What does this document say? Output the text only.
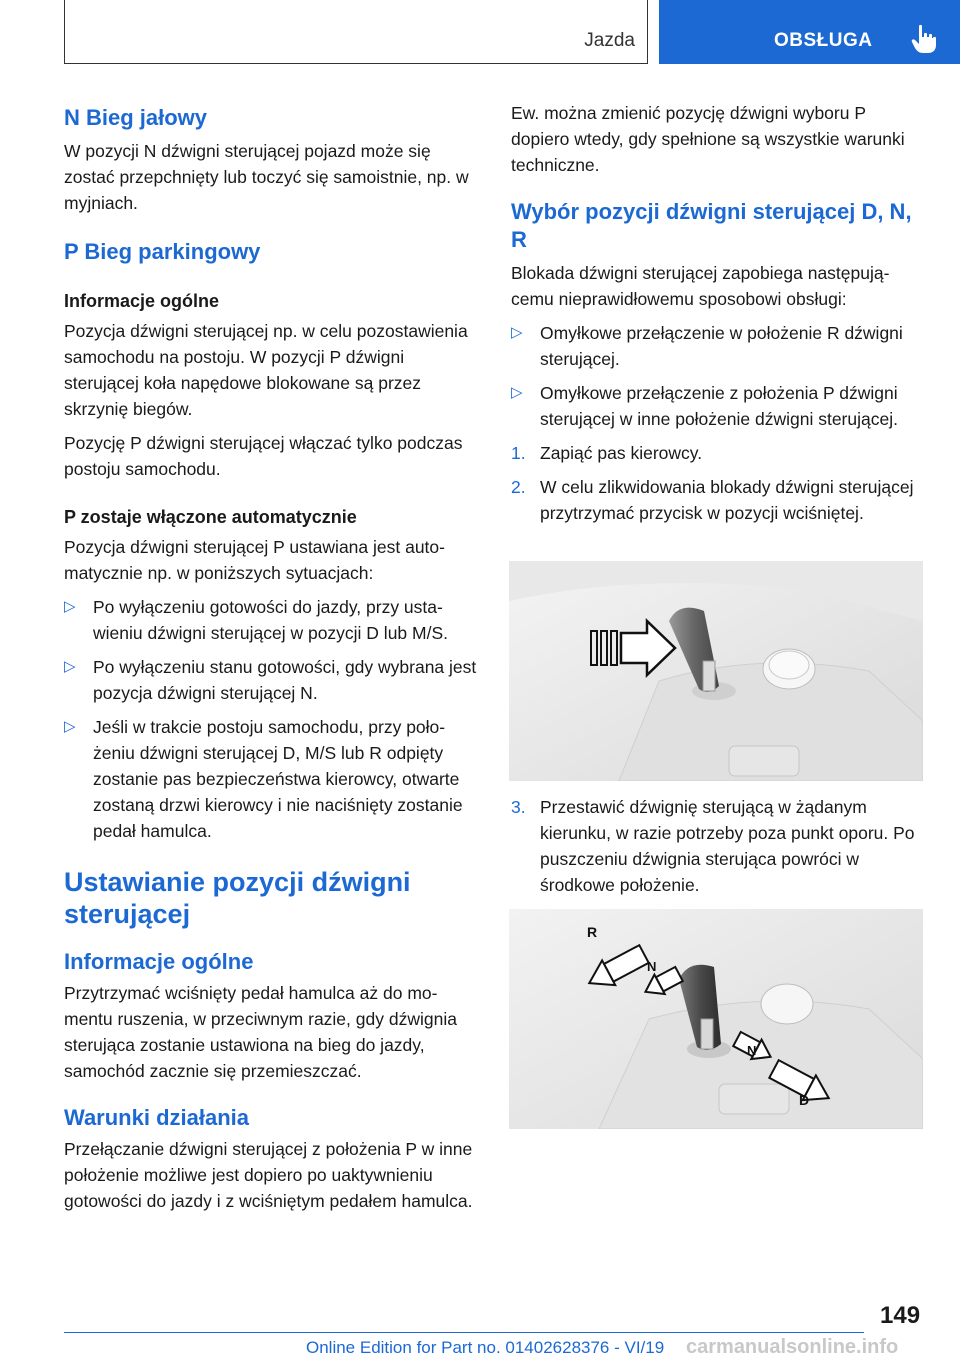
Jazda	OBSŁUGA
N Bieg jałowy

W pozycji N dźwigni sterującej pojazd może się zostać przepchnięty lub toczyć się samoistnie, np. w myjniach.

P Bieg parkingowy
Informacje ogólne

Pozycja dźwigni sterującej np. w celu pozostawienia samochodu na postoju. W pozycji P dźwigni sterującej koła napędowe blokowane są przez skrzynię biegów.

Pozycję P dźwigni sterującej włączać tylko podczas postoju samochodu.

P zostaje włączone automatycznie

Pozycja dźwigni sterującej P ustawiana jest automatycznie np. w poniższych sytuacjach:

▷ Po wyłączeniu gotowości do jazdy, przy ustawieniu dźwigni sterującej w pozycji D lub M/S.
▷ Po wyłączeniu stanu gotowości, gdy wybrana jest pozycja dźwigni sterującej N.
▷ Jeśli w trakcie postoju samochodu, przy położeniu dźwigni sterującej D, M/S lub R odpięty zostanie pas bezpieczeństwa kierowcy, otwarte zostaną drzwi kierowcy i nie naciśnięty zostanie pedał hamulca.
Ustawianie pozycji dźwigni sterującej
Informacje ogólne

Przytrzymać wciśnięty pedał hamulca aż do momentu ruszenia, w przeciwnym razie, gdy dźwignia sterująca zostanie ustawiona na bieg do jazdy, samochód zacznie się przemieszczać.

Warunki działania

Przełączanie dźwigni sterującej z położenia P w inne położenie możliwe jest dopiero po uaktywnieniu gotowości do jazdy i z wciśniętym pedałem hamulca.

Ew. można zmienić pozycję dźwigni wyboru P dopiero wtedy, gdy spełnione są wszystkie warunki techniczne.

Wybór pozycji dźwigni sterującej D, N, R

Blokada dźwigni sterującej zapobiega następującemu nieprawidłowemu sposobowi obsługi:

▷ Omyłkowe przełączenie w położenie R dźwigni sterującej.
▷ Omyłkowe przełączenie z położenia P dźwigni sterującej w inne położenie dźwigni sterującej.
1. Zapiąć pas kierowcy.
2. W celu zlikwidowania blokady dźwigni sterującej przytrzymać przycisk w pozycji wciśniętej.
3. Przestawić dźwignię sterującą w żądanym kierunku, w razie potrzeby poza punkt oporu. Po puszczeniu dźwignia sterująca powróci w środkowe położenie.
R
N
N
D
149
Online Edition for Part no. 01402628376 - VI/19 carmanualsonline.info
